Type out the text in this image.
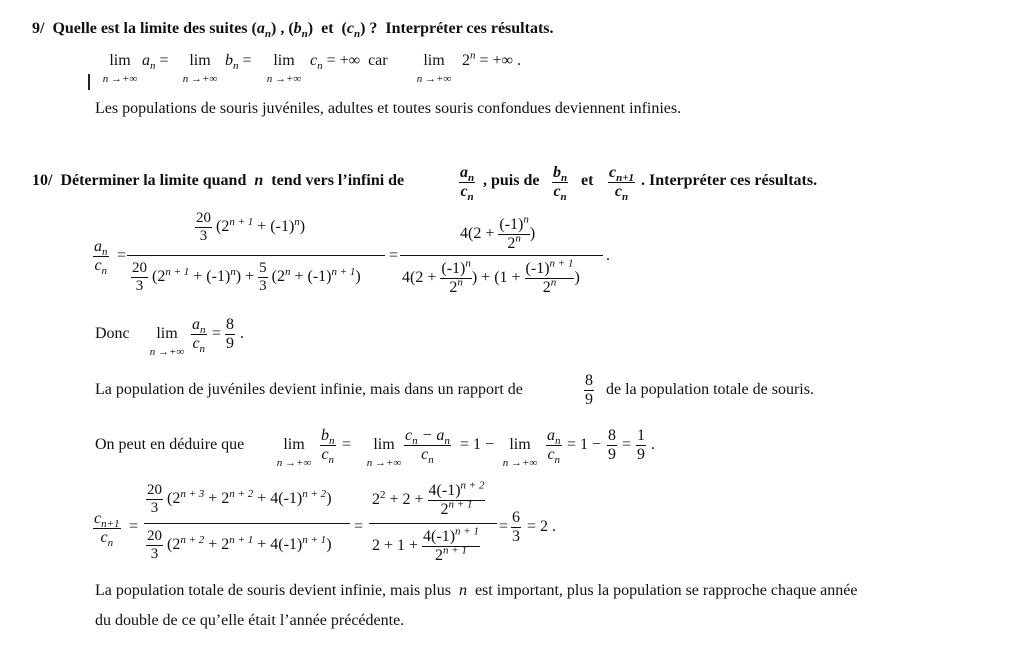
9/  Quelle est la limite des suites $(a_n)$ , $(b_n)$  et  $(c_n)$ ?  Interpréter ces résultats.
lim
n →+∞
$a_n$ =	lim
n →+∞
$b_n$ =	lim
n →+∞
$c_n$ = +∞  car	lim
n →+∞
$2^n$ = +∞ .
Les populations de souris juvéniles, adultes et toutes souris confondues deviennent infinies.
10/  Déterminer la limite quand  n  tend vers l’infini de	$a_n$
$c_n$
, puis de $b_n$
$c_n$
et $c_{n+1}$
$c_n$
. Interpréter ces résultats.
$a_n$
$c_n$
=
$\frac{20}{3} (2^{n + 1} + (-1)^n)$
$\frac{20}{3} (2^{n + 1} + (-1)^n) + \frac{5}{3} (2^n + (-1)^{n + 1})$
=
$4(2 + \frac{(-1)^n}{2^n}$ )
$4(2 + \frac{(-1)^n}{2^n}$ ) + ($1 + \frac{(-1)^{n + 1}}{2^n}$ )
.
Donc	lim
n →+∞
$a_n$
$c_n$
=
8
9
.
La population de juvéniles devient infinie, mais dans un rapport de
8
9
de la population totale de souris.
On peut en déduire que	lim
n →+∞
$b_n$
$c_n$
=	lim
n →+∞
$c_n - a_n$
$c_n$
= 1 − lim
n →+∞
$a_n$
$c_n$
= 1 −
8
9
=
1
9
.
$c_{n+1}$
$c_n$
=
$\frac{20}{3} (2^{n + 3} + 2^{n + 2} + 4(-1)^{n + 2})$
$\frac{20}{3} (2^{n + 2} + 2^{n + 1} + 4(-1)^{n + 1})$
=
$2^2 + 2 + \frac{4(-1)^{n + 2}}{2^{n + 1}}$
$2 + 1 + \frac{4(-1)^{n + 1}}{2^{n + 1}}$
=
6
3
= 2 .
La population totale de souris devient infinie, mais plus n est important, plus la population se rapproche chaque année
du double de ce qu’elle était l’année précédente.
